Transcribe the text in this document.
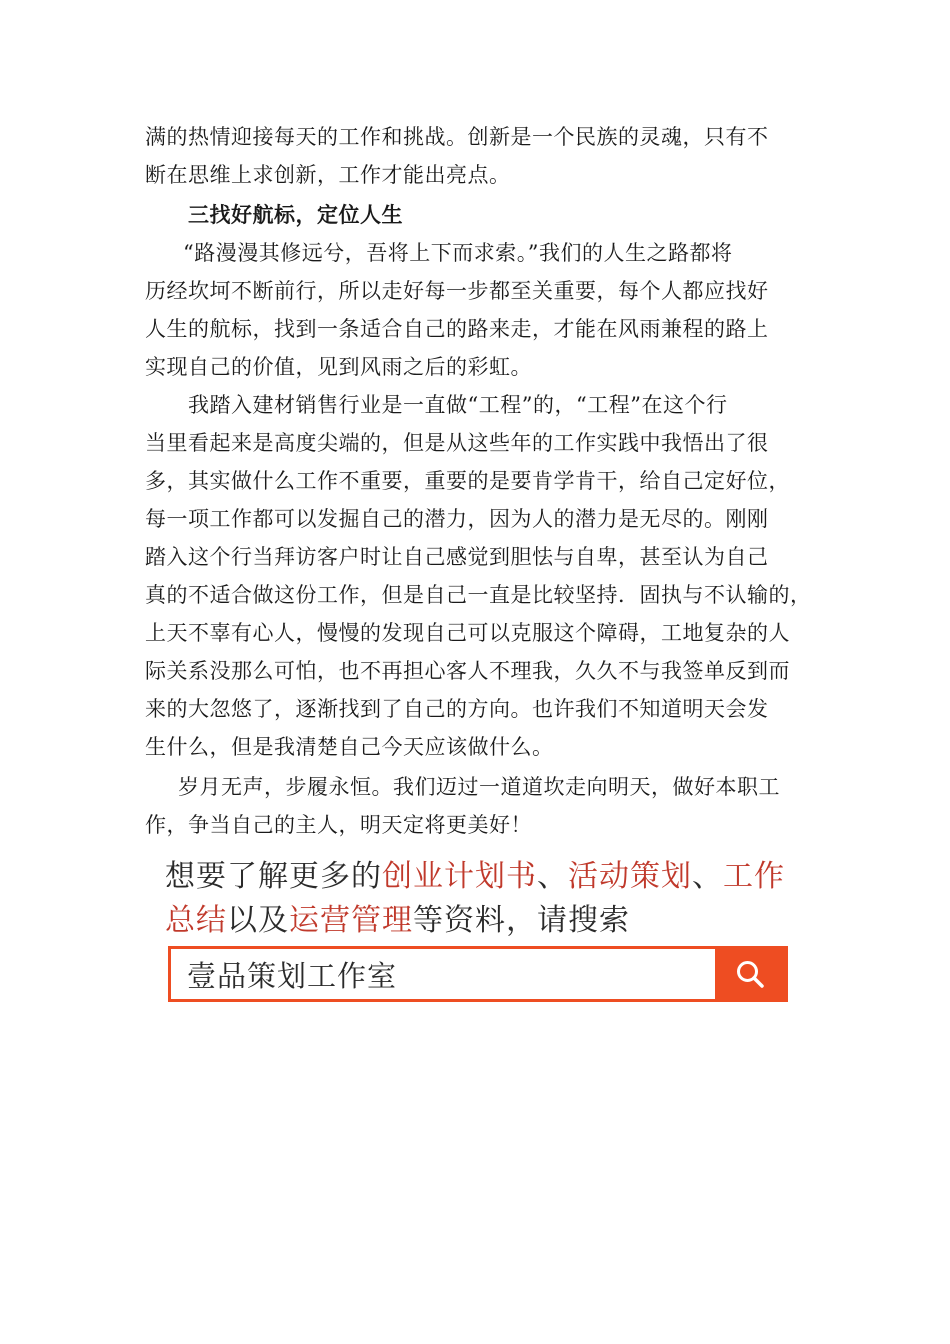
满的热情迎接每天的工作和挑战。创新是一个民族的灵魂，只有不
断在思维上求创新，工作才能出亮点。
三找好航标，定位人生
“路漫漫其修远兮，吾将上下而求索。”我们的人生之路都将
历经坎坷不断前行，所以走好每一步都至关重要，每个人都应找好
人生的航标，找到一条适合自己的路来走，才能在风雨兼程的路上
实现自己的价值，见到风雨之后的彩虹。
我踏入建材销售行业是一直做“工程”的，“工程”在这个行
当里看起来是高度尖端的，但是从这些年的工作实践中我悟出了很
多，其实做什么工作不重要，重要的是要肯学肯干，给自己定好位，
每一项工作都可以发掘自己的潜力，因为人的潜力是无尽的。刚刚
踏入这个行当拜访客户时让自己感觉到胆怯与自卑，甚至认为自己
真的不适合做这份工作，但是自己一直是比较坚持．固执与不认输的，
上天不辜有心人，慢慢的发现自己可以克服这个障碍，工地复杂的人
际关系没那么可怕，也不再担心客人不理我，久久不与我签单反到而
来的大忽悠了，逐渐找到了自己的方向。也许我们不知道明天会发
生什么，但是我清楚自己今天应该做什么。
岁月无声，步履永恒。我们迈过一道道坎走向明天，做好本职工
作，争当自己的主人，明天定将更美好！
想要了解更多的创业计划书、活动策划、工作总结以及运营管理等资料，请搜索
壹品策划工作室
